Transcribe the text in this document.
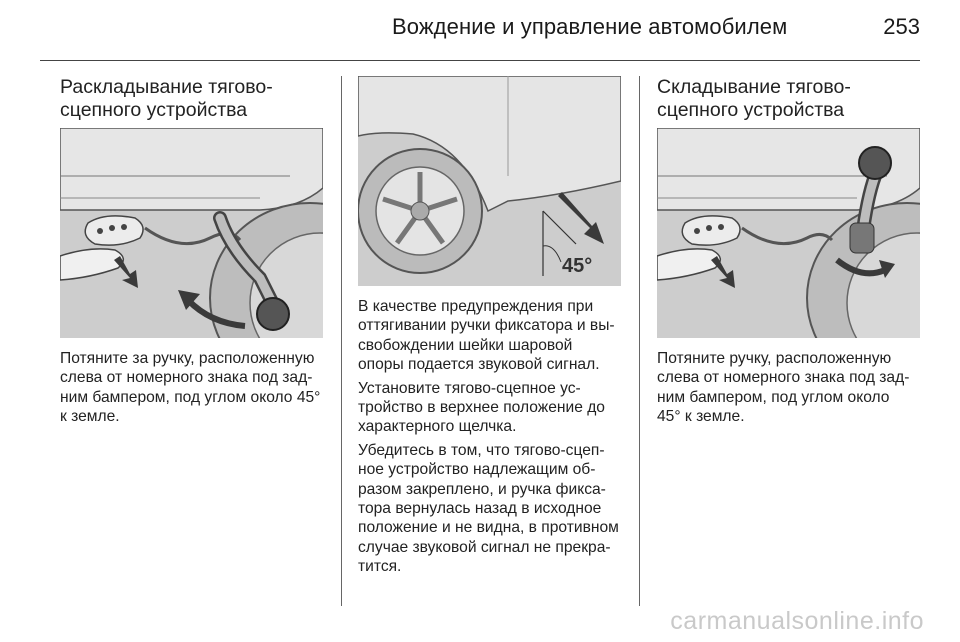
Вождение и управление автомобилем	253
Раскладывание тягово-
сцепного устройства
Потяните за ручку, расположенную
слева от номерного знака под зад-
ним бампером, под углом около 45°
к земле.
45°

В качестве предупреждения при
оттягивании ручки фиксатора и вы-
свобождении шейки шаровой
опоры подается звуковой сигнал.

Установите тягово-сцепное ус-
тройство в верхнее положение до
характерного щелчка.

Убедитесь в том, что тягово-сцеп-
ное устройство надлежащим об-
разом закреплено, и ручка фикса-
тора вернулась назад в исходное
положение и не видна, в противном
случае звуковой сигнал не прекра-
тится.

Складывание тягово-
сцепного устройства
Потяните ручку, расположенную
слева от номерного знака под зад-
ним бампером, под углом около
45° к земле.
carmanualsonline.info
